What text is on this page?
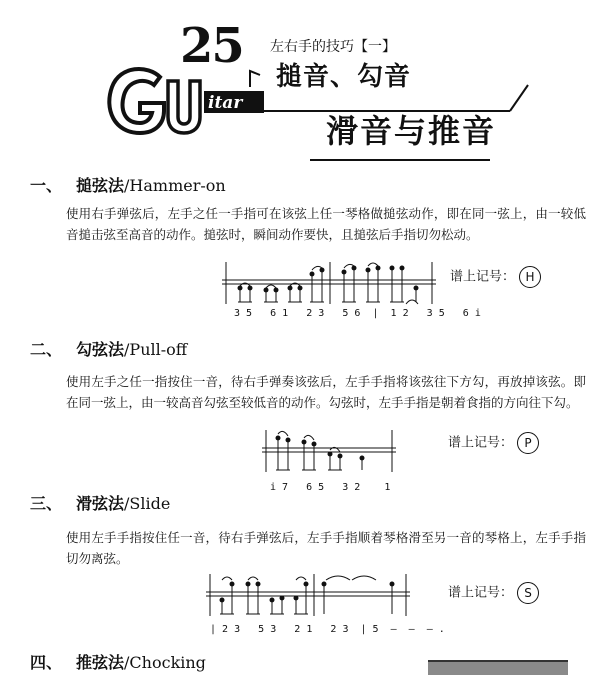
itar
25 左右手的技巧【一】
搥音、勾音
滑音与推音
一、 搥弦法/Hammer-on
使用右手弹弦后，左手之任一手指可在该弦上任一琴格做搥弦动作，即在同一弦上，由一较低音搥击弦至高音的动作。搥弦时，瞬间动作要快，且搥弦后手指切勿松动。
3 5   6 1   2 3   5 6  |  1 2   3 5   6 i
谱上记号： H
二、 勾弦法/Pull-off
使用左手之任一指按住一音，待右手弹奏该弦后，左手手指将该弦往下方勾，再放掉该弦。即在同一弦上，由一较高音勾弦至较低音的动作。勾弦时，左手手指是朝着食指的方向往下勾。
i 7   6 5   3 2    1
谱上记号： P
三、 滑弦法/Slide
使用左手手指按住任一音，待右手弹弦后，左手手指顺着琴格滑至另一音的琴格上，左手手指切勿离弦。
| 2 3   5 3   2 1   2 3  | 5  —  —  — .
谱上记号： S
四、 推弦法/Chocking
